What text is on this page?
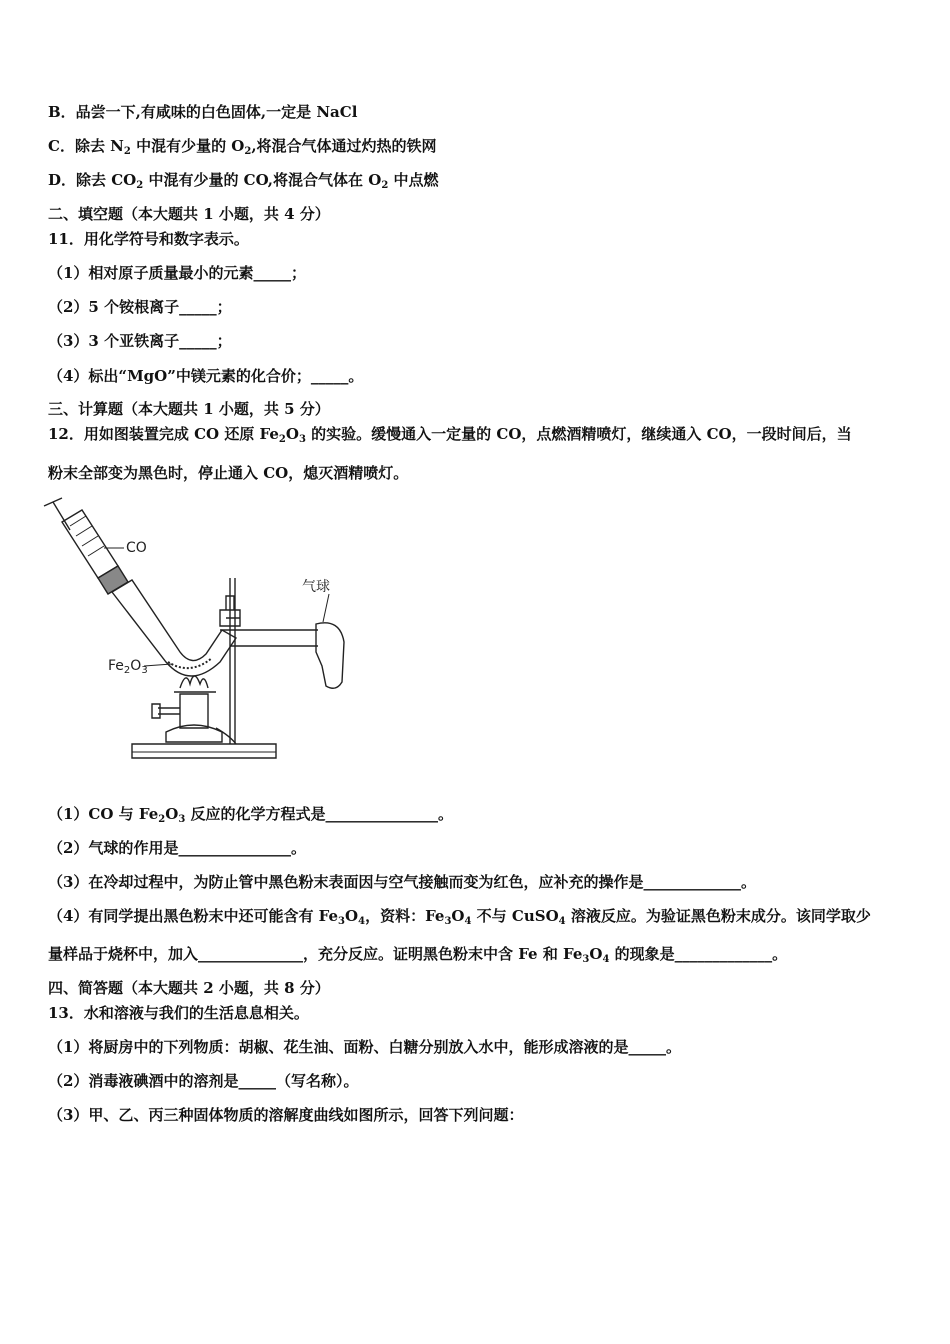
B．品尝一下,有咸味的白色固体,一定是 NaCl
C．除去 $N_2$ 中混有少量的 $O_2$,将混合气体通过灼热的铁网
D．除去 $CO_2$ 中混有少量的 CO,将混合气体在 $O_2$ 中点燃
二、填空题（本大题共 1 小题，共 4 分）
11．用化学符号和数字表示。
（1）相对原子质量最小的元素_____；
（2）5 个铵根离子_____；
（3）3 个亚铁离子_____；
（4）标出“MgO”中镁元素的化合价；_____。
三、计算题（本大题共 1 小题，共 5 分）
12．用如图装置完成 CO 还原 $Fe_2O_3$ 的实验。缓慢通入一定量的 CO，点燃酒精喷灯，继续通入 CO，一段时间后，当
粉末全部变为黑色时，停止通入 CO，熄灭酒精喷灯。
CO
气球
$Fe_2O_3$
（1）CO 与 $Fe_2O_3$ 反应的化学方程式是_______________。
（2）气球的作用是_______________。
（3）在冷却过程中，为防止管中黑色粉末表面因与空气接触而变为红色，应补充的操作是_____________。
（4）有同学提出黑色粉末中还可能含有 $Fe_3O_4$，资料：$Fe_3O_4$ 不与 CuSO$_4$ 溶液反应。为验证黑色粉末成分。该同学取少
量样品于烧杯中，加入______________，充分反应。证明黑色粉末中含 Fe 和 $Fe_3O_4$ 的现象是_____________。
四、简答题（本大题共 2 小题，共 8 分）
13．水和溶液与我们的生活息息相关。
（1）将厨房中的下列物质：胡椒、花生油、面粉、白糖分别放入水中，能形成溶液的是_____。
（2）消毒液碘酒中的溶剂是_____（写名称）。
（3）甲、乙、丙三种固体物质的溶解度曲线如图所示，回答下列问题：
